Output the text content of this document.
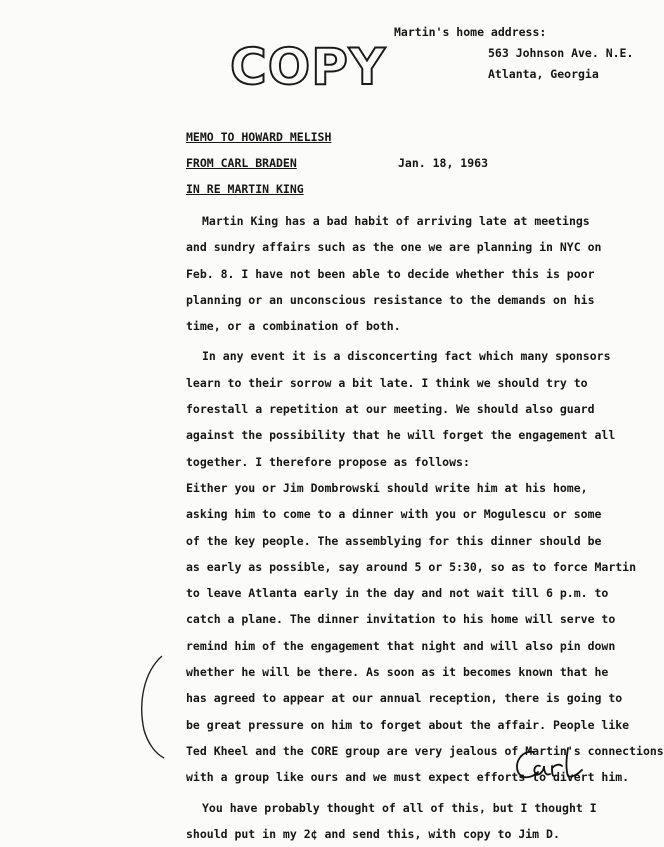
COPY
Martin's home address:
563 Johnson Ave. N.E.
Atlanta, Georgia
MEMO TO HOWARD MELISH
FROM CARL BRADEN
IN RE MARTIN KING
Jan. 18, 1963
Martin King has a bad habit of arriving late at meetings
and sundry affairs such as the one we are planning in NYC on
Feb. 8. I have not been able to decide whether this is poor
planning or an unconscious resistance to the demands on his
time, or a combination of both.
In any event it is a disconcerting fact which many sponsors
learn to their sorrow a bit late. I think we should try to
forestall a repetition at our meeting. We should also guard
against the possibility that he will forget the engagement all
together. I therefore propose as follows:
Either you or Jim Dombrowski should write him at his home,
asking him to come to a dinner with you or Mogulescu or some
of the key people. The assemblying for this dinner should be
as early as possible, say around 5 or 5:30, so as to force Martin
to leave Atlanta early in the day and not wait till 6 p.m. to
catch a plane. The dinner invitation to his home will serve to
remind him of the engagement that night and will also pin down
whether he will be there. As soon as it becomes known that he
has agreed to appear at our annual reception, there is going to
be great pressure on him to forget about the affair. People like
Ted Kheel and the CORE group are very jealous of Martin's connections
with a group like ours and we must expect efforts to divert him.
You have probably thought of all of this, but I thought I
should put in my 2¢ and send this, with copy to Jim D.
